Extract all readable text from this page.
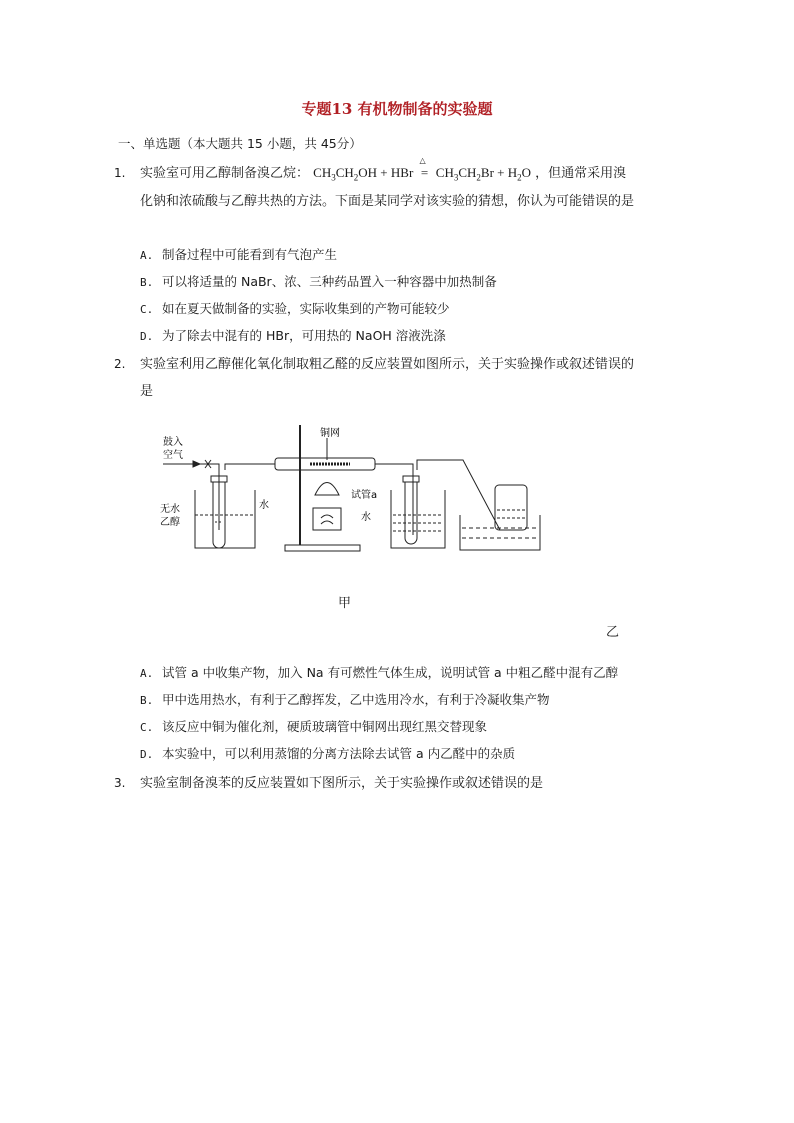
专题13 有机物制备的实验题
一、单选题（本大题共 15 小题，共 45分）
1. 实验室可用乙醇制备溴乙烷： $CH_3CH_2OH$ + HBr
△
= $CH_3CH_2Br + H_2O$ ，但通常采用溴
化钠和浓硫酸与乙醇共热的方法。下面是某同学对该实验的猜想，你认为可能错误的是
A. 制备过程中可能看到有气泡产生
B. 可以将适量的 NaBr、浓、三种药品置入一种容器中加热制备
C. 如在夏天做制备的实验，实际收集到的产物可能较少
D. 为了除去中混有的 HBr，可用热的 NaOH 溶液洗涤
2. 实验室利用乙醇催化氧化制取粗乙醛的反应装置如图所示，关于实验操作或叙述错误的
是
鼓入
空气
铜网
无水
乙醇
水
试管a
水
甲
乙
A. 试管 a 中收集产物，加入 Na 有可燃性气体生成，说明试管 a 中粗乙醛中混有乙醇
B. 甲中选用热水，有利于乙醇挥发，乙中选用冷水，有利于冷凝收集产物
C. 该反应中铜为催化剂，硬质玻璃管中铜网出现红黑交替现象
D. 本实验中，可以利用蒸馏的分离方法除去试管 a 内乙醛中的杂质
3. 实验室制备溴苯的反应装置如下图所示，关于实验操作或叙述错误的是
